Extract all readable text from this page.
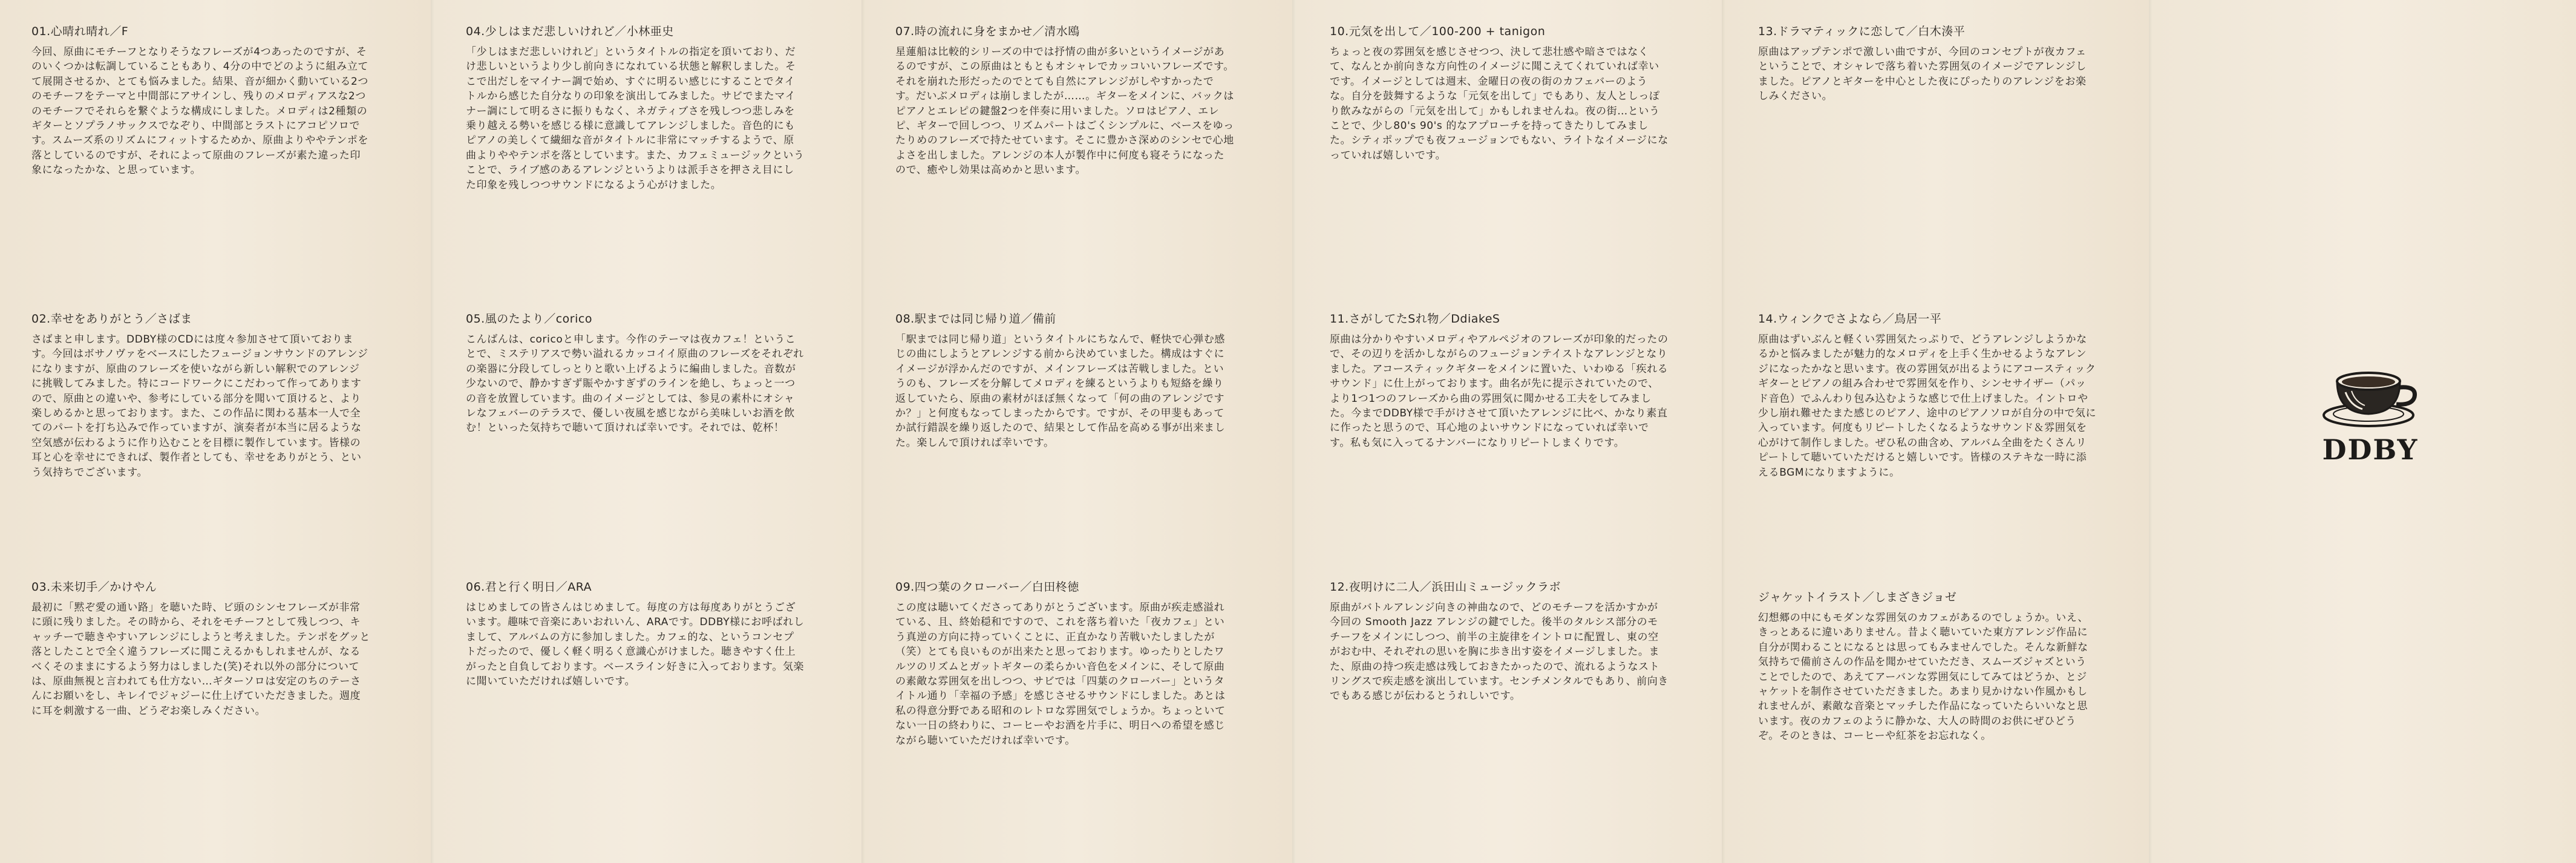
01.心晴れ晴れ／F

今回、原曲にモチーフとなりそうなフレーズが4つあったのですが、そのいくつかは転調していることもあり、4分の中でどのように組み立てて展開させるか、とても悩みました。結果、音が細かく動いている2つのモチーフをテーマと中間部にアサインし、残りのメロディアスな2つのモチーフでそれらを繋ぐような構成にしました。メロディは2種類のギターとソプラノサックスでなぞり、中間部とラストにアコピソロです。スムーズ系のリズムにフィットするためか、原曲よりややテンポを落としているのですが、それによって原曲のフレーズが素た違った印象になったかな、と思っています。

02.幸せをありがとう／さばま

さばまと申します。DDBY様のCDには度々参加させて頂いております。今回はボサノヴァをベースにしたフュージョンサウンドのアレンジになりますが、原曲のフレーズを使いながら新しい解釈でのアレンジに挑戦してみました。特にコードワークにこだわって作ってありますので、原曲との違いや、参考にしている部分を聞いて頂けると、より楽しめるかと思っております。また、この作品に関わる基本一人で全てのパートを打ち込みで作っていますが、演奏者が本当に居るような空気感が伝わるように作り込むことを目標に製作しています。皆様の耳と心を幸せにできれば、製作者としても、幸せをありがとう、という気持ちでございます。

03.未来切手／かけやん

最初に「黙ぞ愛の通い路」を聴いた時、ビ頭のシンセフレーズが非常に頭に残りました。その時から、それをモチーフとして残しつつ、キャッチーで聴きやすいアレンジにしようと考えました。テンポをグッと落としたことで全く違うフレーズに聞こえるかもしれませんが、なるべくそのままにするよう努力はしました(笑)それ以外の部分については、原曲無視と言われても仕方ない…ギターソロは安定のちのテーさんにお願いをし、キレイでジャジーに仕上げていただきました。週度に耳を刺激する一曲、どうぞお楽しみください。

04.少しはまだ悲しいけれど／小林亜史

「少しはまだ悲しいけれど」というタイトルの指定を頂いており、だけ悲しいというより少し前向きになれている状態と解釈しました。そこで出だしをマイナー調で始め、すぐに明るい感じにすることでタイトルから感じた自分なりの印象を演出してみました。サビでまたマイナー調にして明るさに振りもなく、ネガティブさを残しつつ悲しみを乗り越える勢いを感じる様に意識してアレンジしました。音色的にもピアノの美しくて繊細な音がタイトルに非常にマッチするようで、原曲よりややテンポを落としています。また、カフェミュージックということで、ライブ感のあるアレンジというよりは派手さを押さえ目にした印象を残しつつサウンドになるよう心がけました。

05.風のたより／corico

こんばんは、coricoと申します。今作のテーマは夜カフェ！ということで、ミステリアスで勢い溢れるカッコイイ原曲のフレーズをそれぞれの楽器に分段してしっとりと歌い上げるように編曲しました。音数が少ないので、静かすぎず賑やかすぎずのラインを絶し、ちょっと一つの音を放置しています。曲のイメージとしては、参見の素朴にオシャレなフェバーのテラスで、優しい夜風を感じながら美味しいお酒を飲む！といった気持ちで聴いて頂ければ幸いです。それでは、乾杯！

06.君と行く明日／ARA

はじめましての皆さんはじめまして。毎度の方は毎度ありがとうございます。趣味で音楽にあいおれいん、ARAです。DDBY様にお呼ばれしまして、アルバムの方に参加しました。カフェ的な、というコンセプトだったので、優しく軽く明るく意識心がけました。聴きやすく仕上がったと自負しております。ベースライン好きに入っております。気楽に聞いていただければ嬉しいです。

07.時の流れに身をまかせ／清水鴎

星蓮船は比較的シリーズの中では抒情の曲が多いというイメージがあるのですが、この原曲はともともオシャレでカッコいいフレーズです。それを崩れた形だったのでとても自然にアレンジがしやすかったです。だいぶメロディは崩しましたが……。ギターをメインに、バックはピアノとエレピの鍵盤2つを伴奏に用いました。ソロはピアノ、エレピ、ギターで回しつつ、リズムパートはごくシンプルに、ベースをゆったりめのフレーズで持たせています。そこに豊かさ深めのシンセで心地よさを出しました。アレンジの本人が製作中に何度も寝そうになったので、癒やし効果は高めかと思います。

08.駅までは同じ帰り道／備前

「駅までは同じ帰り道」というタイトルにちなんで、軽快で心弾む感じの曲にしようとアレンジする前から決めていました。構成はすぐにイメージが浮かんだのですが、メインフレーズは苦戦しました。というのも、フレーズを分解してメロディを練るというよりも短絡を繰り返していたら、原曲の素材がほぼ無くなって「何の曲のアレンジですか？」と何度もなってしまったからです。ですが、その甲斐もあってか試行錯誤を繰り返したので、結果として作品を高める事が出来ました。楽しんで頂ければ幸いです。

09.四つ葉のクローバー／白田柊徳

この度は聴いてくださってありがとうございます。原曲が疾走感溢れている、且、終始穏和ですので、これを落ち着いた「夜カフェ」という真逆の方向に持っていくことに、正直かなり苦戦いたしましたが（笑）とても良いものが出来たと思っております。ゆったりとしたワルツのリズムとガットギターの柔らかい音色をメインに、そして原曲の素敵な雰囲気を出しつつ、サビでは「四葉のクローバー」というタイトル通り「幸福の予感」を感じさせるサウンドにしました。あとは私の得意分野である昭和のレトロな雰囲気でしょうか。ちょっといてない一日の終わりに、コーヒーやお酒を片手に、明日への希望を感じながら聴いていただければ幸いです。

10.元気を出して／100-200 + tanigon

ちょっと夜の雰囲気を感じさせつつ、決して悲壮感や暗さではなくて、なんとか前向きな方向性のイメージに聞こえてくれていれば幸いです。イメージとしては週末、金曜日の夜の街のカフェバーのような。自分を鼓舞するような「元気を出して」でもあり、友人としっぽり飲みながらの「元気を出して」かもしれませんね。夜の街…ということで、少し80's 90's 的なアプローチを持ってきたりしてみました。シティポップでも夜フュージョンでもない、ライトなイメージになっていれば嬉しいです。

11.さがしてたSれ物／DdiakeS

原曲は分かりやすいメロディやアルペジオのフレーズが印象的だったので、その辺りを活かしながらのフュージョンテイストなアレンジとなりました。アコースティックギターをメインに置いた、いわゆる「疾れるサウンド」に仕上がっております。曲名が先に提示されていたので、より1つ1つのフレーズから曲の雰囲気に聞かせる工夫をしてみました。今までDDBY様で手がけさせて頂いたアレンジに比べ、かなり素直に作ったと思うので、耳心地のよいサウンドになっていれば幸いです。私も気に入ってるナンバーになりリピートしまくりです。

12.夜明けに二人／浜田山ミュージックラボ

原曲がバトルアレンジ向きの神曲なので、どのモチーフを活かすかが今回の Smooth Jazz アレンジの鍵でした。後半のタルシス部分のモチーフをメインにしつつ、前半の主旋律をイントロに配置し、東の空がおむ中、それぞれの思いを胸に歩き出す姿をイメージしました。また、原曲の持つ疾走感は残しておきたかったので、流れるようなストリングスで疾走感を演出しています。センチメンタルでもあり、前向きでもある感じが伝わるとうれしいです。

13.ドラマティックに恋して／白木湊平

原曲はアップテンポで激しい曲ですが、今回のコンセプトが夜カフェということで、オシャレで落ち着いた雰囲気のイメージでアレンジしました。ピアノとギターを中心とした夜にぴったりのアレンジをお楽しみください。

14.ウィンクでさよなら／鳥居一平

原曲はずいぶんと軽くい雰囲気たっぷりで、どうアレンジしようかなるかと悩みましたが魅力的なメロディを上手く生かせるようなアレンジになったかなと思います。夜の雰囲気が出るようにアコースティックギターとピアノの組み合わせで雰囲気を作り、シンセサイザー（パッド音色）でふんわり包み込むような感じで仕上げました。イントロや少し崩れ難せたまた感じのピアノ、途中のピアノソロが自分の中で気に入っています。何度もリピートしたくなるようなサウンド＆雰囲気を心がけて制作しました。ぜひ私の曲含め、アルバム全曲をたくさんリピートして聴いていただけると嬉しいです。皆様のステキな一時に添えるBGMになりますように。

ジャケットイラスト／しまざきジョゼ

幻想郷の中にもモダンな雰囲気のカフェがあるのでしょうか。いえ、きっとあるに違いありません。昔よく聴いていた東方アレンジ作品に自分が関わることになるとは思ってもみませんでした。そんな新鮮な気持ちで備前さんの作品を聞かせていただき、スムーズジャズということでしたので、あえてアーバンな雰囲気にしてみてはどうか、とジャケットを制作させていただきました。あまり見かけない作風かもしれませんが、素敵な音楽とマッチした作品になっていたらいいなと思います。夜のカフェのように静かな、大人の時間のお供にぜひどうぞ。そのときは、コーヒーや紅茶をお忘れなく。

DDBY
